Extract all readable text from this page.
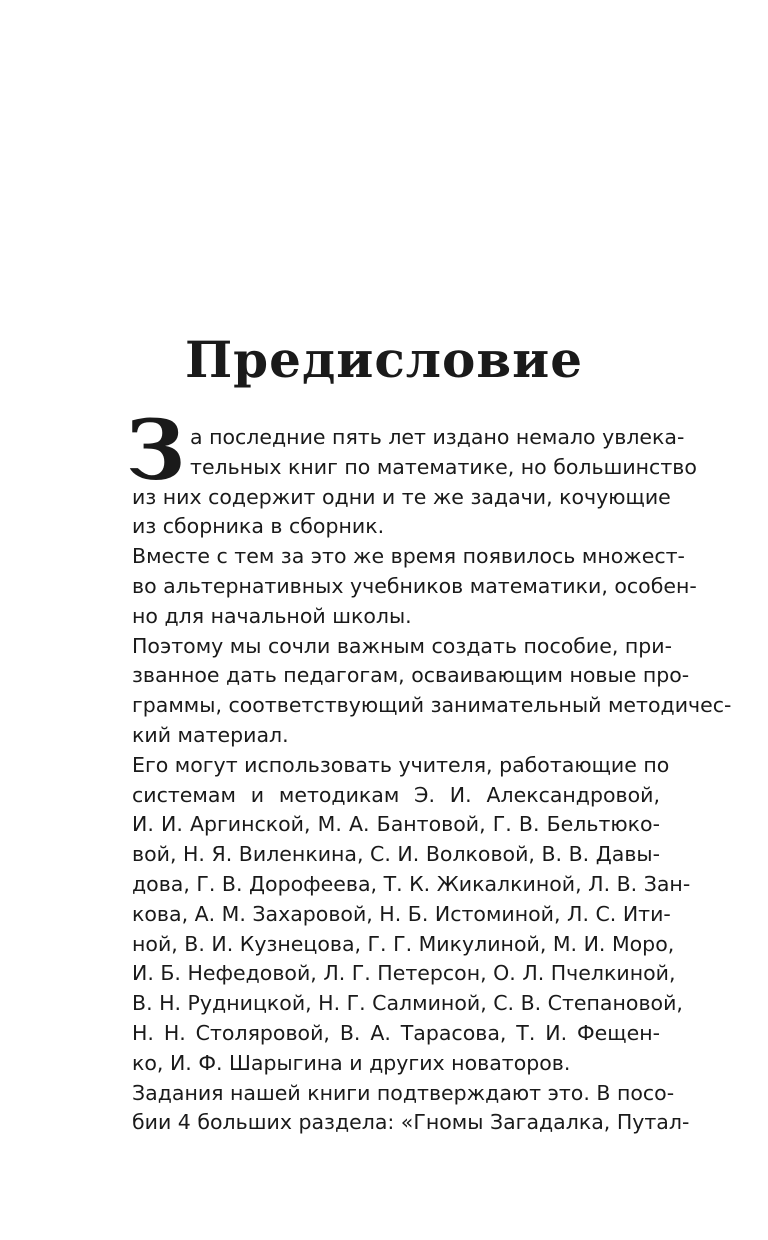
Предисловие
З а последние пять лет издано немало увлека-
тельных книг по математике, но большинство
из них содержит одни и те же задачи, кочующие
из сборника в сборник.
Вместе с тем за это же время появилось множест-
во альтернативных учебников математики, особен-
но для начальной школы.
Поэтому мы сочли важным создать пособие, при-
званное дать педагогам, осваивающим новые про-
граммы, соответствующий занимательный методичес-
кий материал.
Его могут использовать учителя, работающие по
системам и методикам Э. И. Александровой,
И. И. Аргинской, М. А. Бантовой, Г. В. Бельтюко-
вой, Н. Я. Виленкина, С. И. Волковой, В. В. Давы-
дова, Г. В. Дорофеева, Т. К. Жикалкиной, Л. В. Зан-
кова, А. М. Захаровой, Н. Б. Истоминой, Л. С. Ити-
ной, В. И. Кузнецова, Г. Г. Микулиной, М. И. Моро,
И. Б. Нефедовой, Л. Г. Петерсон, О. Л. Пчелкиной,
В. Н. Рудницкой, Н. Г. Салминой, С. В. Степановой,
Н. Н. Столяровой, В. А. Тарасова, Т. И. Фещен-
ко, И. Ф. Шарыгина и других новаторов.
Задания нашей книги подтверждают это. В посо-
бии 4 больших раздела: «Гномы Загадалка, Путал-
